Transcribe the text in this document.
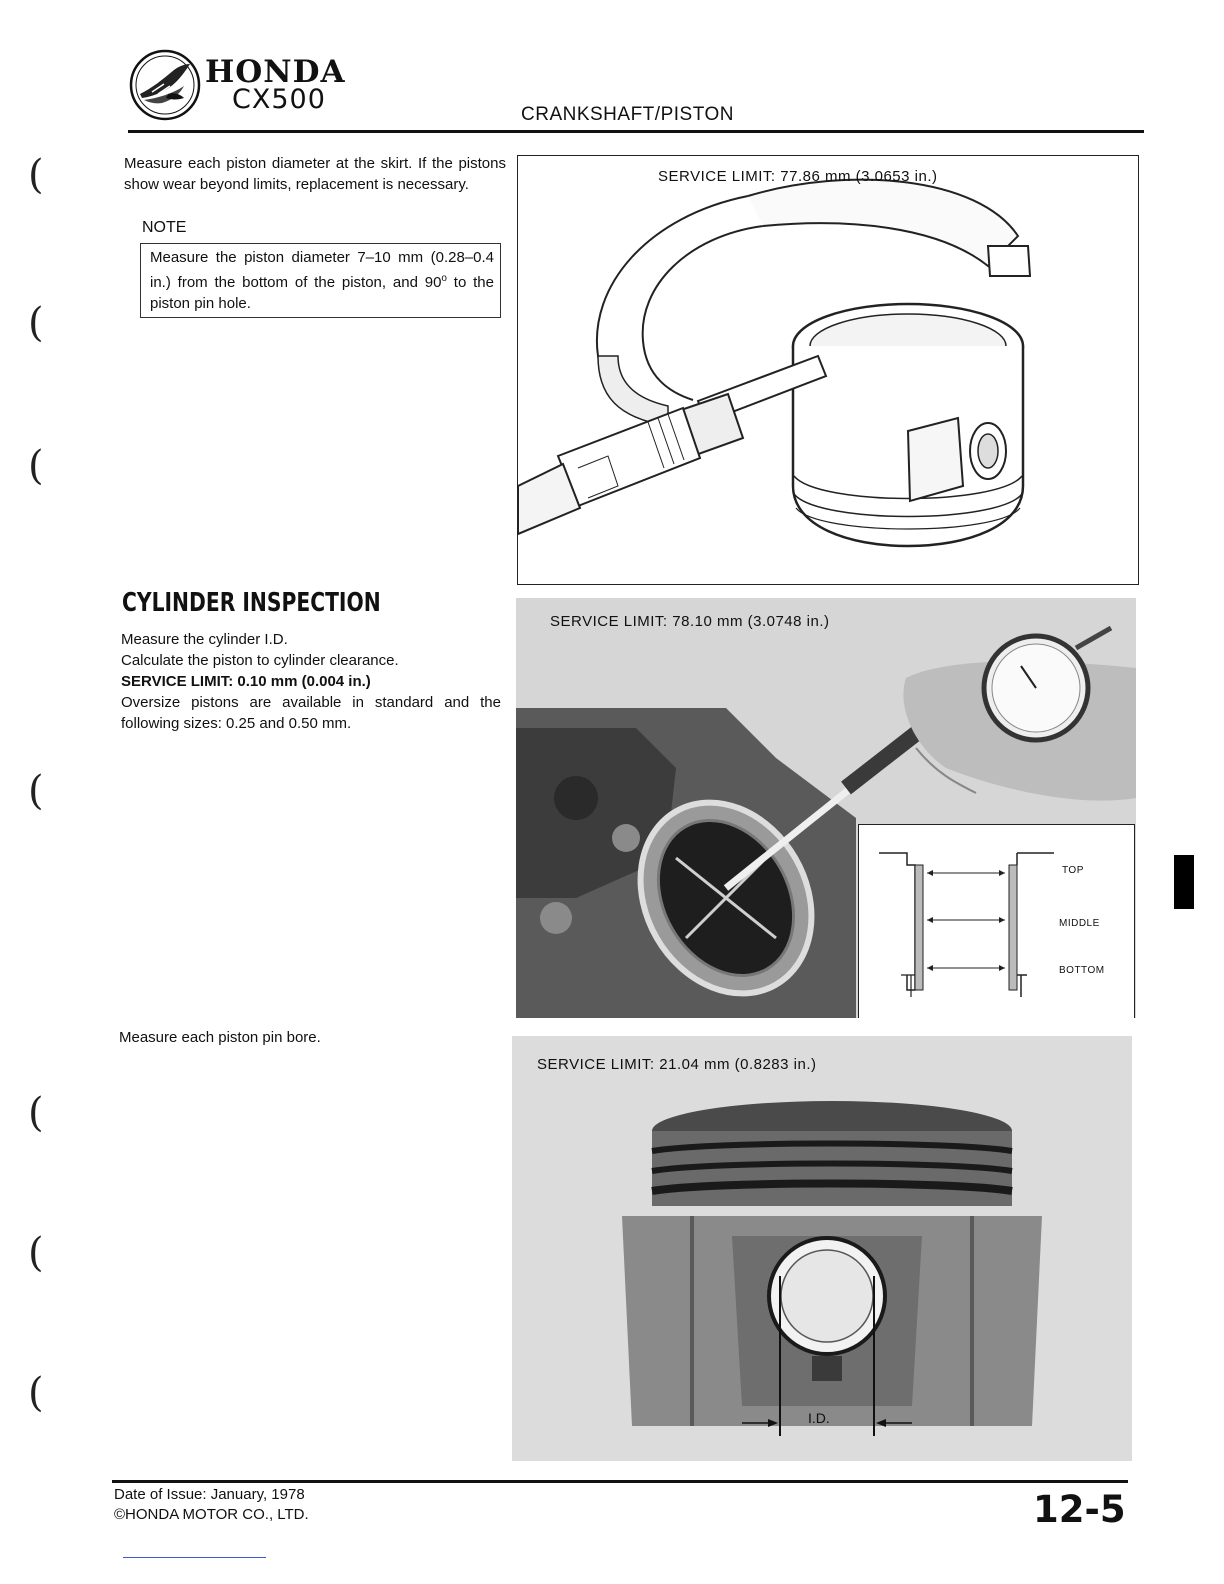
HONDA
CX500	CRANKSHAFT/PISTON
Measure each piston diameter at the skirt. If the pistons show wear beyond limits, replacement is necessary.
NOTE
Measure the piston diameter 7–10 mm (0.28–0.4 in.) from the bottom of the piston, and 90$^o$ to the piston pin hole.
CYLINDER INSPECTION

Measure the cylinder I.D.

Calculate the piston to cylinder clearance.

SERVICE LIMIT: 0.10 mm (0.004 in.)

Oversize pistons are available in standard and the following sizes: 0.25 and 0.50 mm.

Measure each piston pin bore.
SERVICE LIMIT: 77.86 mm (3.0653 in.)
SERVICE LIMIT: 78.10 mm (3.0748 in.)
TOP
MIDDLE
BOTTOM
SERVICE LIMIT: 21.04 mm (0.8283 in.)
I.D.
(
(
(
(
(
(
(
Date of Issue: January, 1978
©HONDA MOTOR CO., LTD.	12-5
